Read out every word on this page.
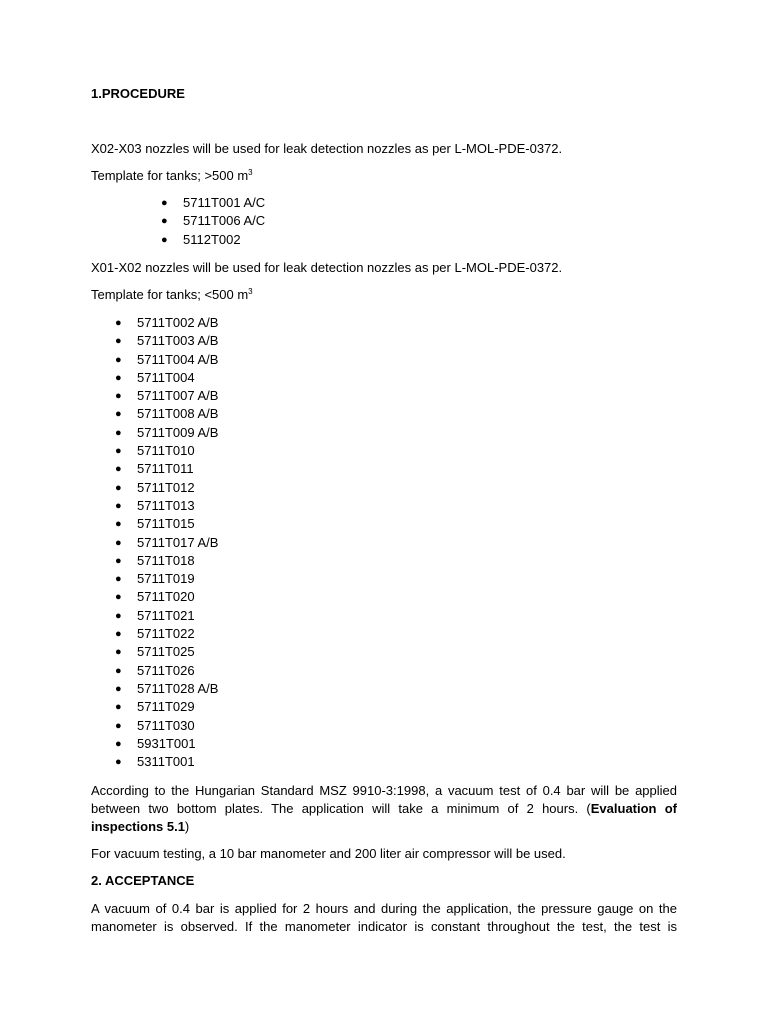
1.PROCEDURE
X02-X03 nozzles will be used for leak detection nozzles as per L-MOL-PDE-0372.
Template for tanks; >500 $m^3$
● 5711T001 A/C
● 5711T006 A/C
● 5112T002
X01-X02 nozzles will be used for leak detection nozzles as per L-MOL-PDE-0372.
Template for tanks; <500 $m^3$
● 5711T002 A/B
● 5711T003 A/B
● 5711T004 A/B
● 5711T004
● 5711T007 A/B
● 5711T008 A/B
● 5711T009 A/B
● 5711T010
● 5711T011
● 5711T012
● 5711T013
● 5711T015
● 5711T017 A/B
● 5711T018
● 5711T019
● 5711T020
● 5711T021
● 5711T022
● 5711T025
● 5711T026
● 5711T028 A/B
● 5711T029
● 5711T030
● 5931T001
● 5311T001
According to the Hungarian Standard MSZ 9910-3:1998, a vacuum test of 0.4 bar will be applied between two bottom plates. The application will take a minimum of 2 hours. (Evaluation of inspections 5.1)
For vacuum testing, a 10 bar manometer and 200 liter air compressor will be used.
2. ACCEPTANCE
A vacuum of 0.4 bar is applied for 2 hours and during the application, the pressure gauge on the manometer is observed. If the manometer indicator is constant throughout the test, the test is
